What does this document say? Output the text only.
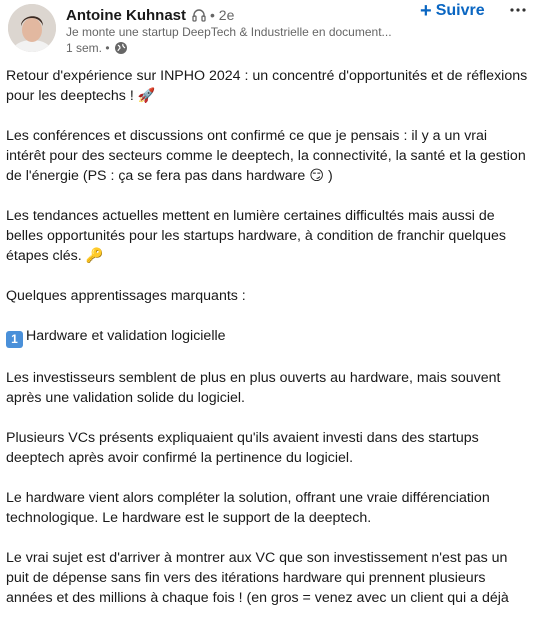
Antoine Kuhnast • 2e
Je monte une startup DeepTech & Industrielle en document...
1 sem. •
+ Suivre

Retour d'expérience sur INPHO 2024 : un concentré d'opportunités et de réflexions pour les deeptechs ! 🚀

Les conférences et discussions ont confirmé ce que je pensais : il y a un vrai intérêt pour des secteurs comme le deeptech, la connectivité, la santé et la gestion de l'énergie (PS : ça se fera pas dans hardware 😏 )

Les tendances actuelles mettent en lumière certaines difficultés mais aussi de belles opportunités pour les startups hardware, à condition de franchir quelques étapes clés. 🔑

Quelques apprentissages marquants :

1 Hardware et validation logicielle

Les investisseurs semblent de plus en plus ouverts au hardware, mais souvent après une validation solide du logiciel.

Plusieurs VCs présents expliquaient qu'ils avaient investi dans des startups deeptech après avoir confirmé la pertinence du logiciel.

Le hardware vient alors compléter la solution, offrant une vraie différenciation technologique. Le hardware est le support de la deeptech.

Le vrai sujet est d'arriver à montrer aux VC que son investissement n'est pas un puit de dépense sans fin vers des itérations hardware qui prennent plusieurs années et des millions à chaque fois ! (en gros = venez avec un client qui a déjà
